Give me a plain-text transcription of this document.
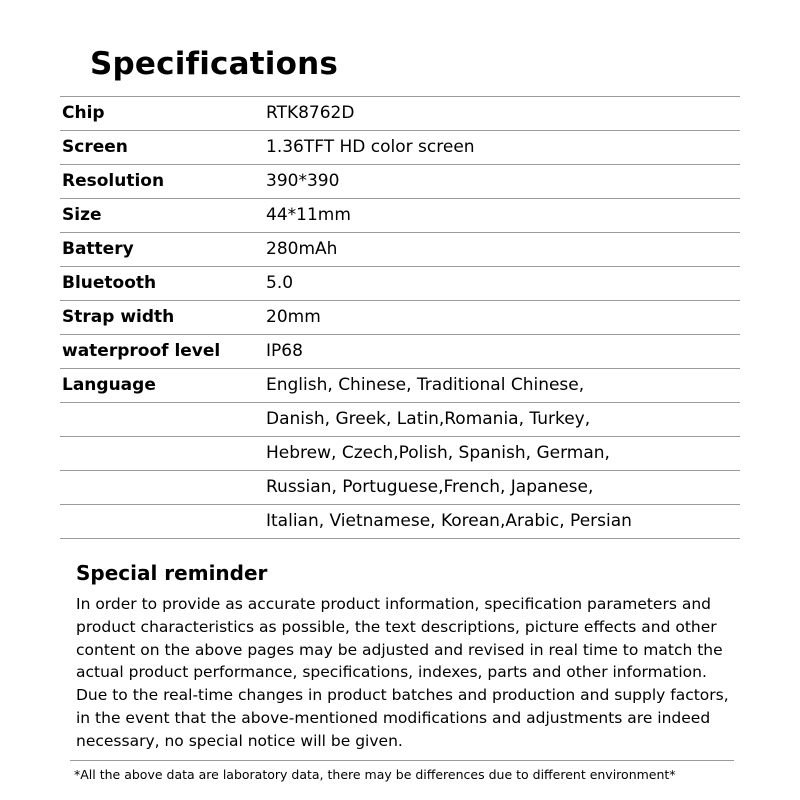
Specifications
Chip	RTK8762D
Screen	1.36TFT HD color screen
Resolution	390*390
Size	44*11mm
Battery	280mAh
Bluetooth	5.0
Strap width	20mm
waterproof level	IP68
Language	English, Chinese, Traditional Chinese,
	Danish, Greek, Latin,Romania, Turkey,
	Hebrew, Czech,Polish, Spanish, German,
	Russian, Portuguese,French, Japanese,
	Italian, Vietnamese, Korean,Arabic, Persian
Special reminder

In order to provide as accurate product information, specification parameters and product characteristics as possible, the text descriptions, picture effects and other content on the above pages may be adjusted and revised in real time to match the actual product performance, specifications, indexes, parts and other information. Due to the real-time changes in product batches and production and supply factors, in the event that the above-mentioned modifications and adjustments are indeed necessary, no special notice will be given.

*All the above data are laboratory data, there may be differences due to different environment*
